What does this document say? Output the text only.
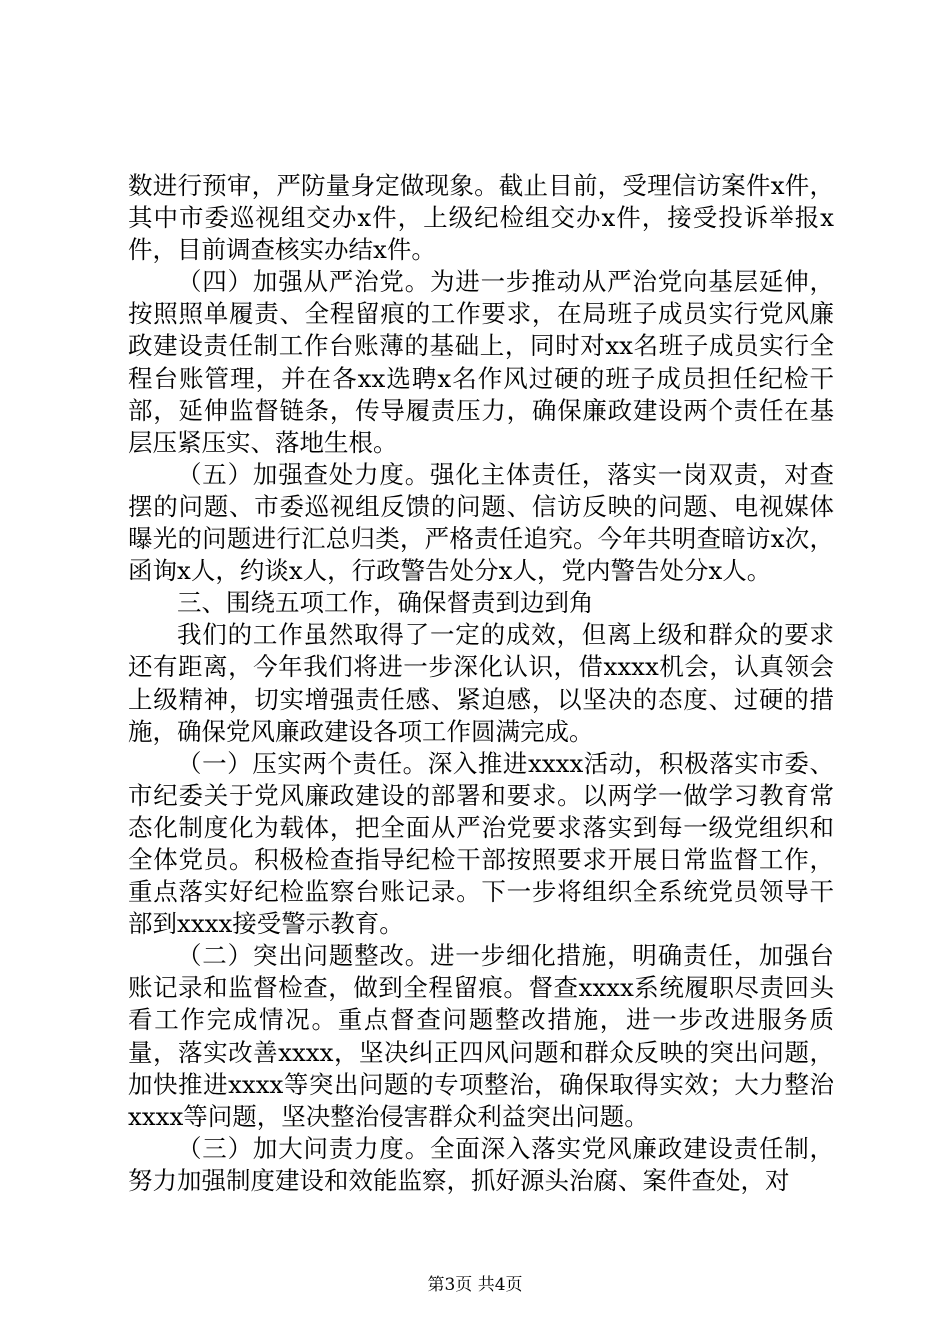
数进行预审，严防量身定做现象。截止目前，受理信访案件x件，其中市委巡视组交办x件，上级纪检组交办x件，接受投诉举报x件，目前调查核实办结x件。

（四）加强从严治党。为进一步推动从严治党向基层延伸，按照照单履责、全程留痕的工作要求，在局班子成员实行党风廉政建设责任制工作台账薄的基础上，同时对xx名班子成员实行全程台账管理，并在各xx选聘x名作风过硬的班子成员担任纪检干部，延伸监督链条，传导履责压力，确保廉政建设两个责任在基层压紧压实、落地生根。

（五）加强查处力度。强化主体责任，落实一岗双责，对查摆的问题、市委巡视组反馈的问题、信访反映的问题、电视媒体曝光的问题进行汇总归类，严格责任追究。今年共明查暗访x次，函询x人，约谈x人，行政警告处分x人，党内警告处分x人。

三、围绕五项工作，确保督责到边到角

我们的工作虽然取得了一定的成效，但离上级和群众的要求还有距离，今年我们将进一步深化认识，借xxxx机会，认真领会上级精神，切实增强责任感、紧迫感，以坚决的态度、过硬的措施，确保党风廉政建设各项工作圆满完成。

（一）压实两个责任。深入推进xxxx活动，积极落实市委、市纪委关于党风廉政建设的部署和要求。以两学一做学习教育常态化制度化为载体，把全面从严治党要求落实到每一级党组织和全体党员。积极检查指导纪检干部按照要求开展日常监督工作，重点落实好纪检监察台账记录。下一步将组织全系统党员领导干部到xxxx接受警示教育。

（二）突出问题整改。进一步细化措施，明确责任，加强台账记录和监督检查，做到全程留痕。督查xxxx系统履职尽责回头看工作完成情况。重点督查问题整改措施，进一步改进服务质量，落实改善xxxx，坚决纠正四风问题和群众反映的突出问题，加快推进xxxx等突出问题的专项整治，确保取得实效；大力整治xxxx等问题，坚决整治侵害群众利益突出问题。

（三）加大问责力度。全面深入落实党风廉政建设责任制，努力加强制度建设和效能监察，抓好源头治腐、案件查处，对

第3页 共4页
